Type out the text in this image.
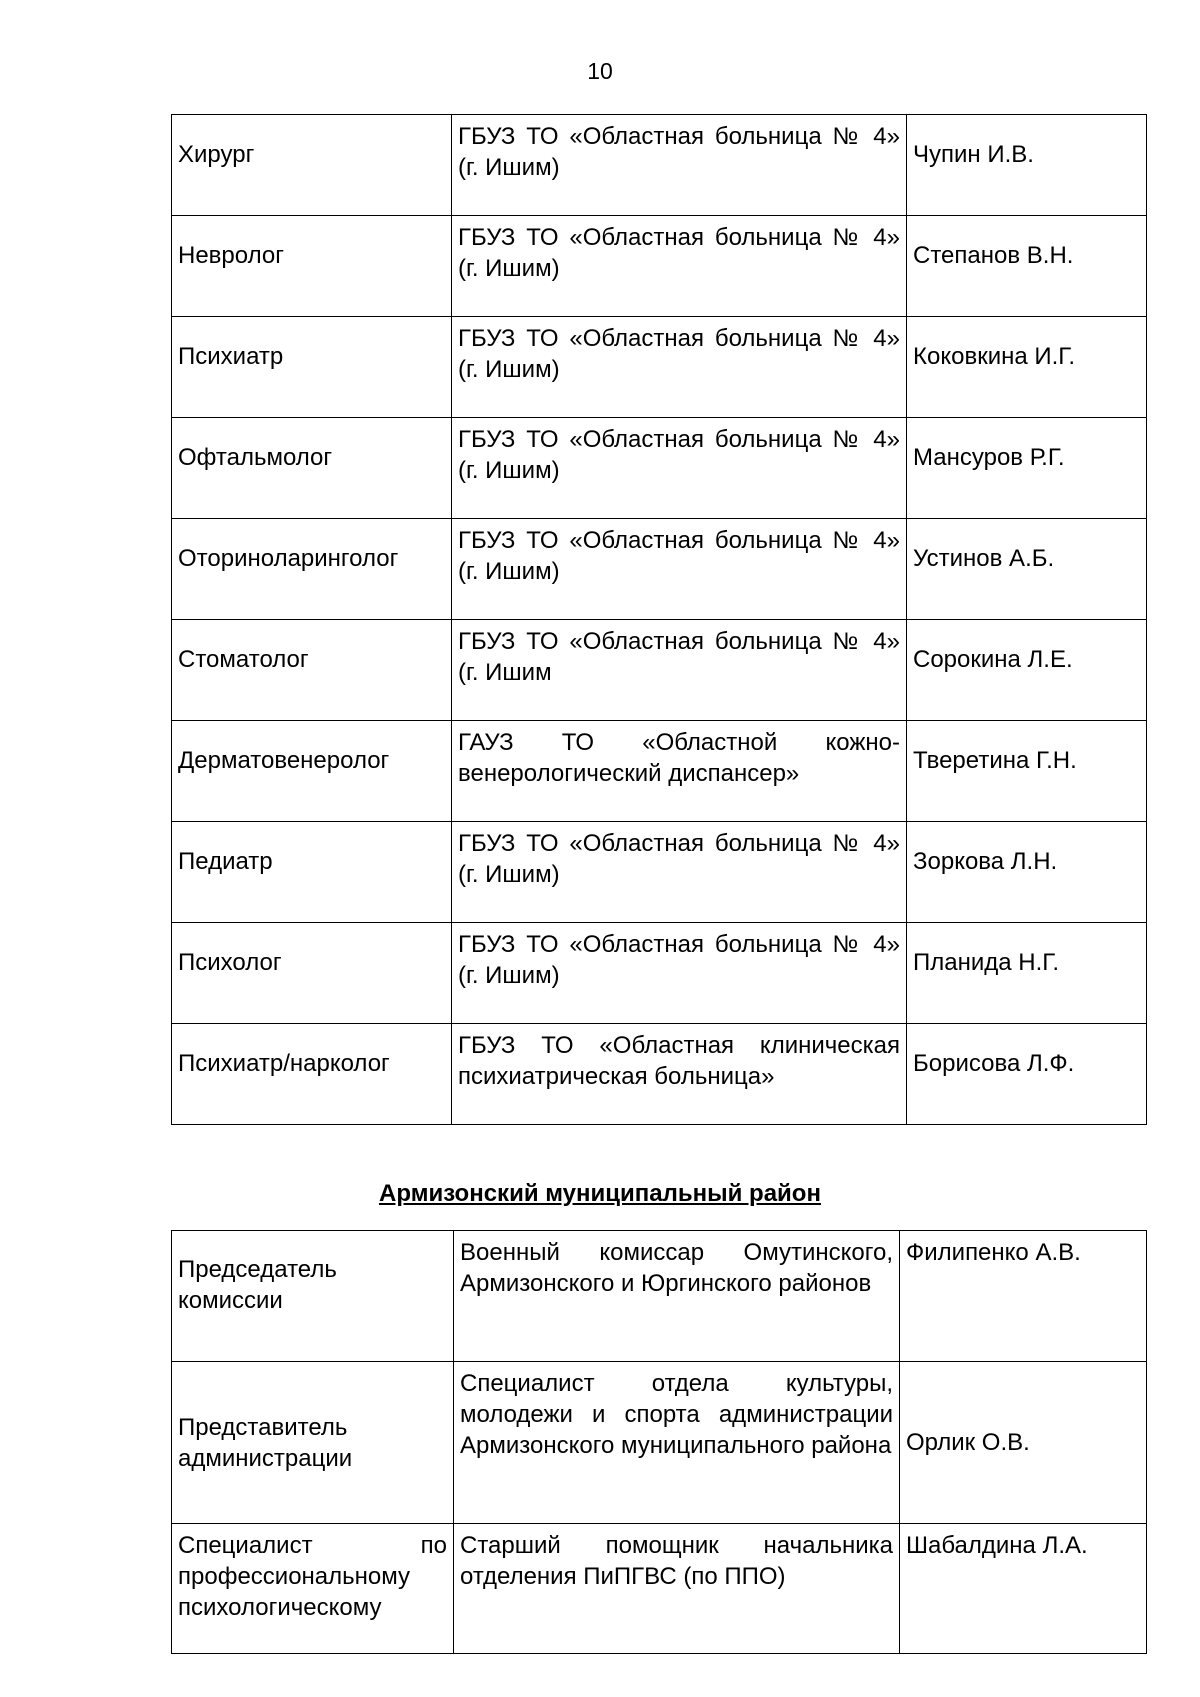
10
Хирург	ГБУЗ ТО «Областная больница № 4» (г. Ишим)	Чупин И.В.
Невролог	ГБУЗ ТО «Областная больница № 4» (г. Ишим)	Степанов В.Н.
Психиатр	ГБУЗ ТО «Областная больница № 4» (г. Ишим)	Коковкина И.Г.
Офтальмолог	ГБУЗ ТО «Областная больница № 4» (г. Ишим)	Мансуров Р.Г.
Оториноларинголог	ГБУЗ ТО «Областная больница № 4» (г. Ишим)	Устинов А.Б.
Стоматолог	ГБУЗ ТО «Областная больница № 4» (г. Ишим	Сорокина Л.Е.
Дерматовенеролог	ГАУЗ ТО «Областной кожно-венерологический диспансер»	Тверетина Г.Н.
Педиатр	ГБУЗ ТО «Областная больница № 4» (г. Ишим)	Зоркова Л.Н.
Психолог	ГБУЗ ТО «Областная больница № 4» (г. Ишим)	Планида Н.Г.
Психиатр/нарколог	ГБУЗ ТО «Областная клиническая психиатрическая больница»	Борисова Л.Ф.
Армизонский муниципальный район
Председатель комиссии	Военный комиссар Омутинского, Армизонского и Юргинского районов	Филипенко А.В.
Представитель администрации	Специалист отдела культуры, молодежи и спорта администрации Армизонского муниципального района	Орлик О.В.
Специалист по профессиональному психологическому	Старший помощник начальника отделения ПиПГВС (по ППО)	Шабалдина Л.А.
